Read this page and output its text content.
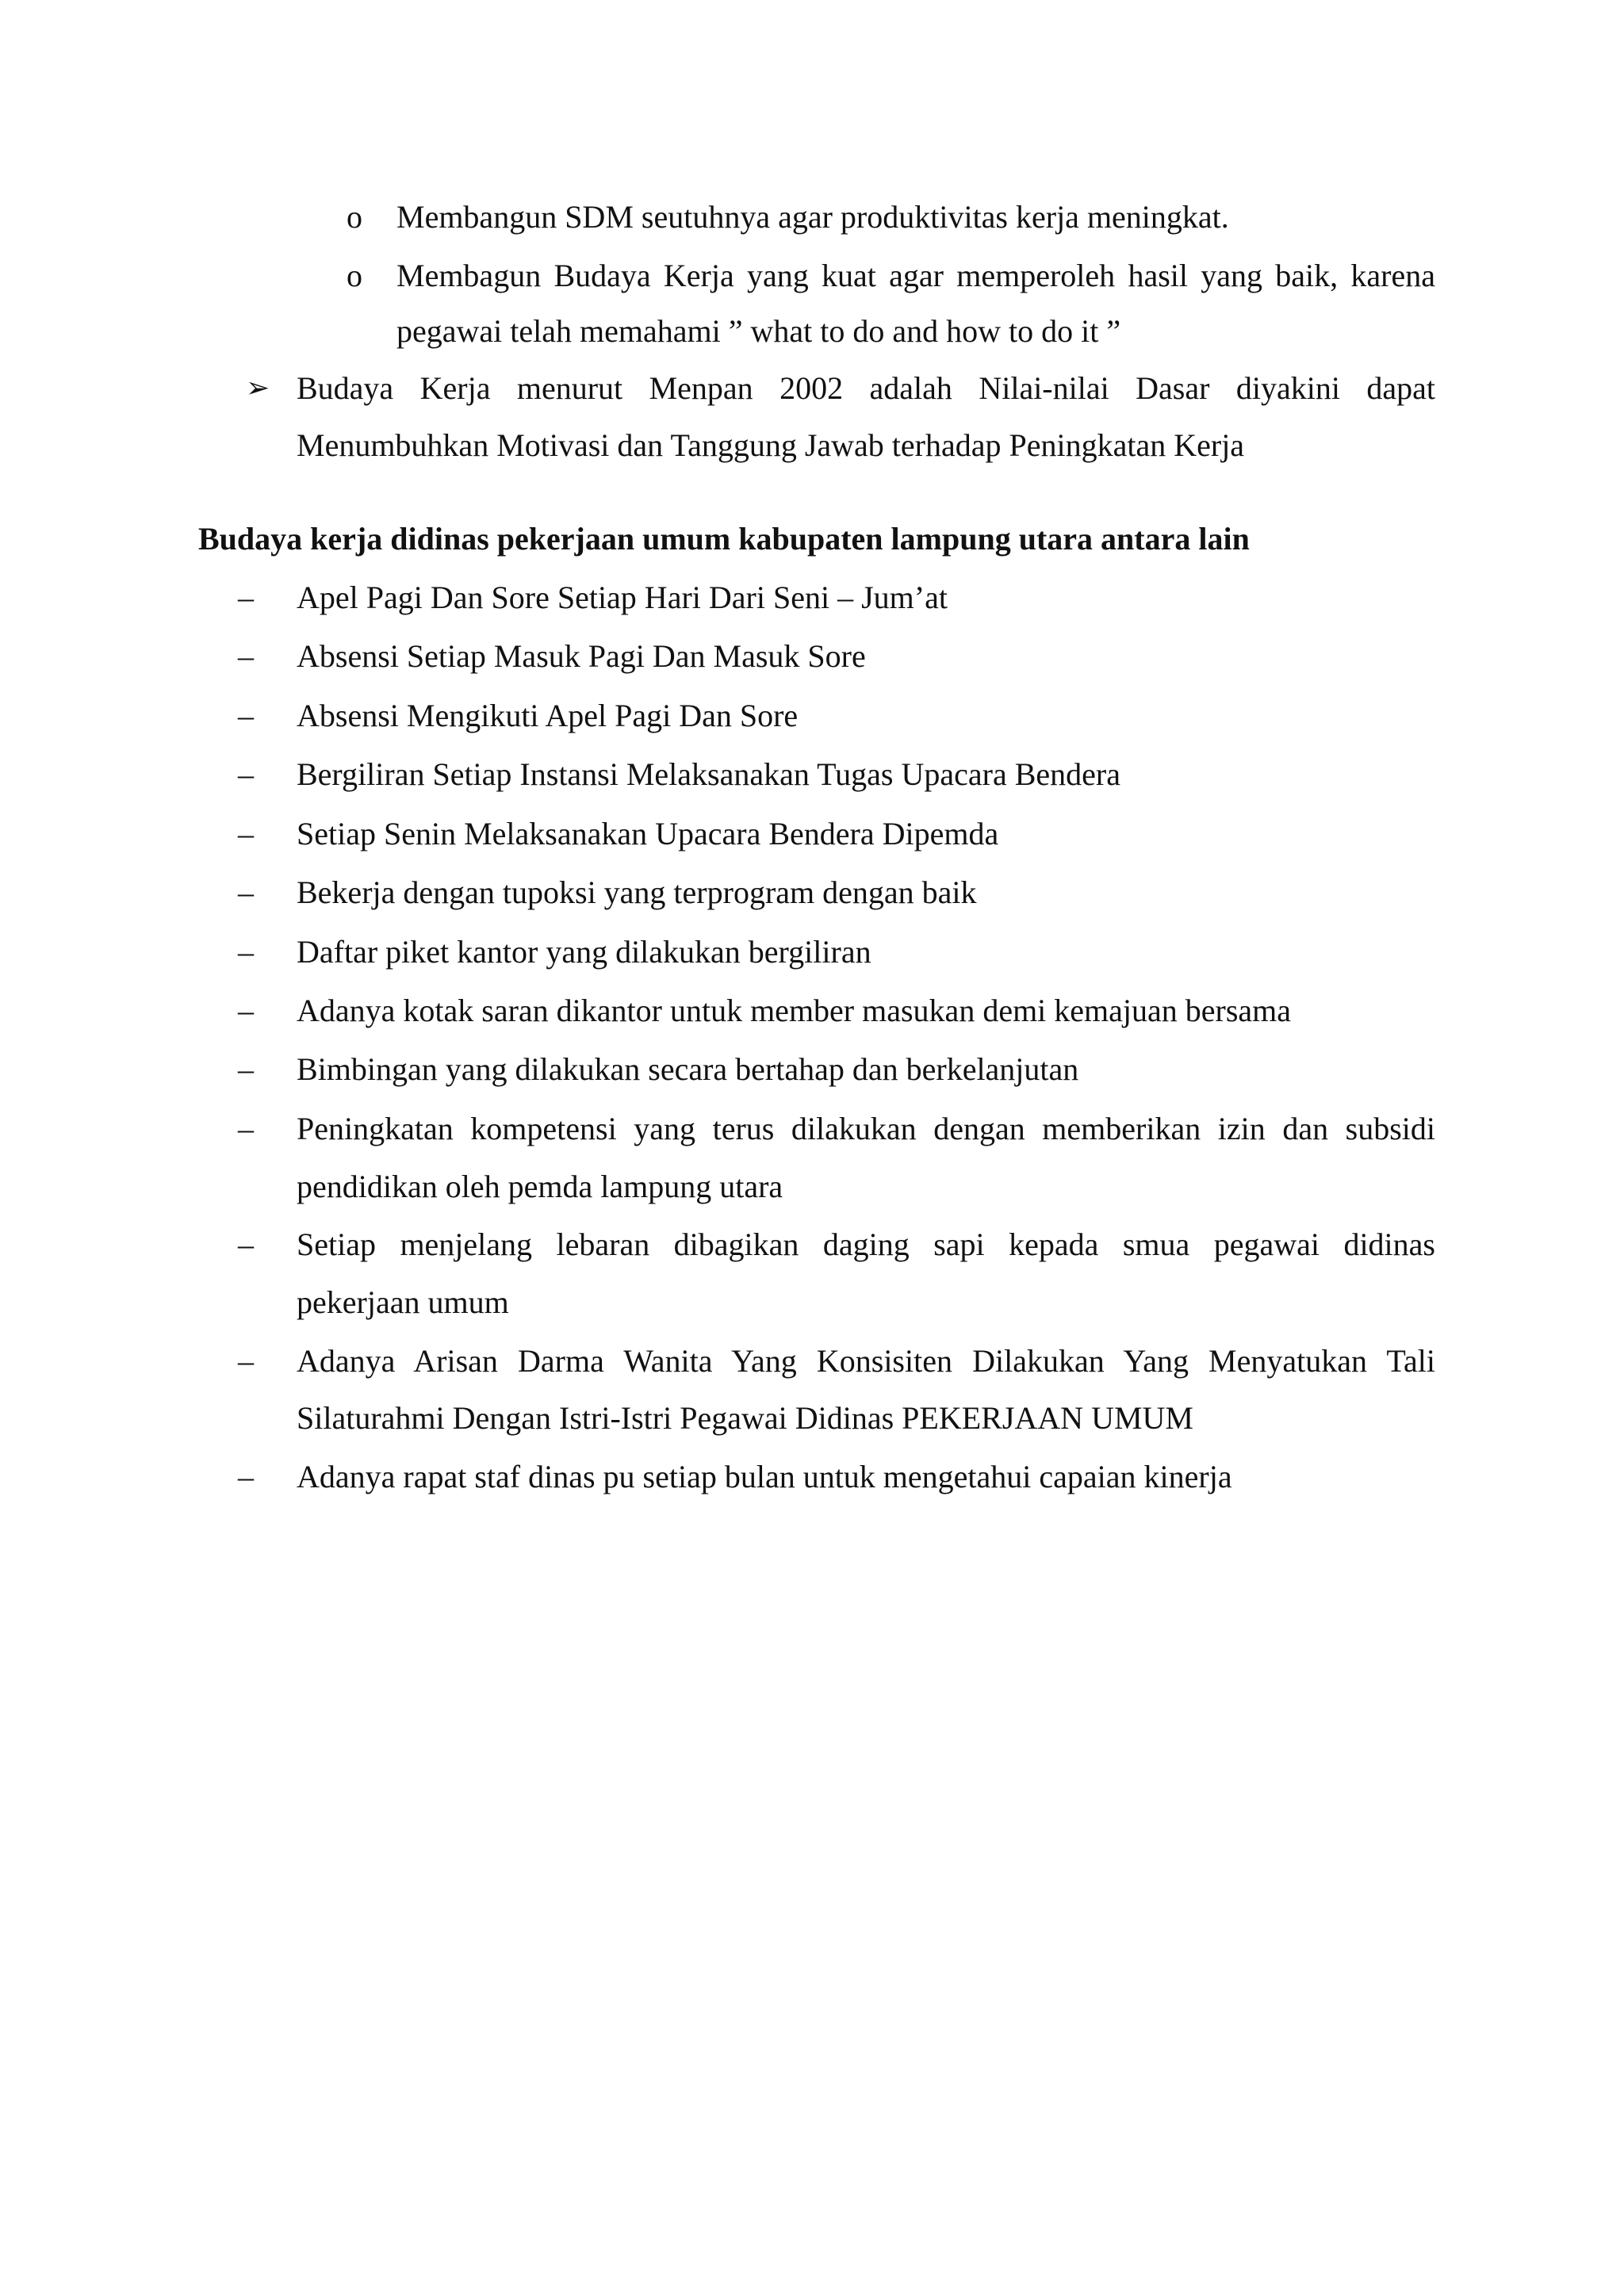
o Membangun SDM seutuhnya agar produktivitas kerja meningkat.
o Membagun Budaya Kerja yang kuat agar memperoleh hasil yang baik, karena
pegawai telah memahami ” what to do and how to do it ”
➢ Budaya Kerja menurut Menpan 2002 adalah Nilai-nilai Dasar diyakini dapat
Menumbuhkan Motivasi dan Tanggung Jawab terhadap Peningkatan Kerja
Budaya kerja didinas pekerjaan umum kabupaten lampung utara antara lain
– Apel Pagi Dan Sore Setiap Hari Dari Seni – Jum’at
– Absensi Setiap Masuk Pagi Dan Masuk Sore
– Absensi Mengikuti Apel Pagi Dan Sore
– Bergiliran Setiap Instansi Melaksanakan Tugas Upacara Bendera
– Setiap Senin Melaksanakan Upacara Bendera Dipemda
– Bekerja dengan tupoksi yang terprogram dengan baik
– Daftar piket kantor yang dilakukan bergiliran
– Adanya kotak saran dikantor untuk member masukan demi kemajuan bersama
– Bimbingan yang dilakukan secara bertahap dan berkelanjutan
– Peningkatan kompetensi yang terus dilakukan dengan memberikan izin dan subsidi
pendidikan oleh pemda lampung utara
– Setiap menjelang lebaran dibagikan daging sapi kepada smua pegawai didinas
pekerjaan umum
– Adanya Arisan Darma Wanita Yang Konsisiten Dilakukan Yang Menyatukan Tali
Silaturahmi Dengan Istri-Istri Pegawai Didinas PEKERJAAN UMUM
– Adanya rapat staf dinas pu setiap bulan untuk mengetahui capaian kinerja
